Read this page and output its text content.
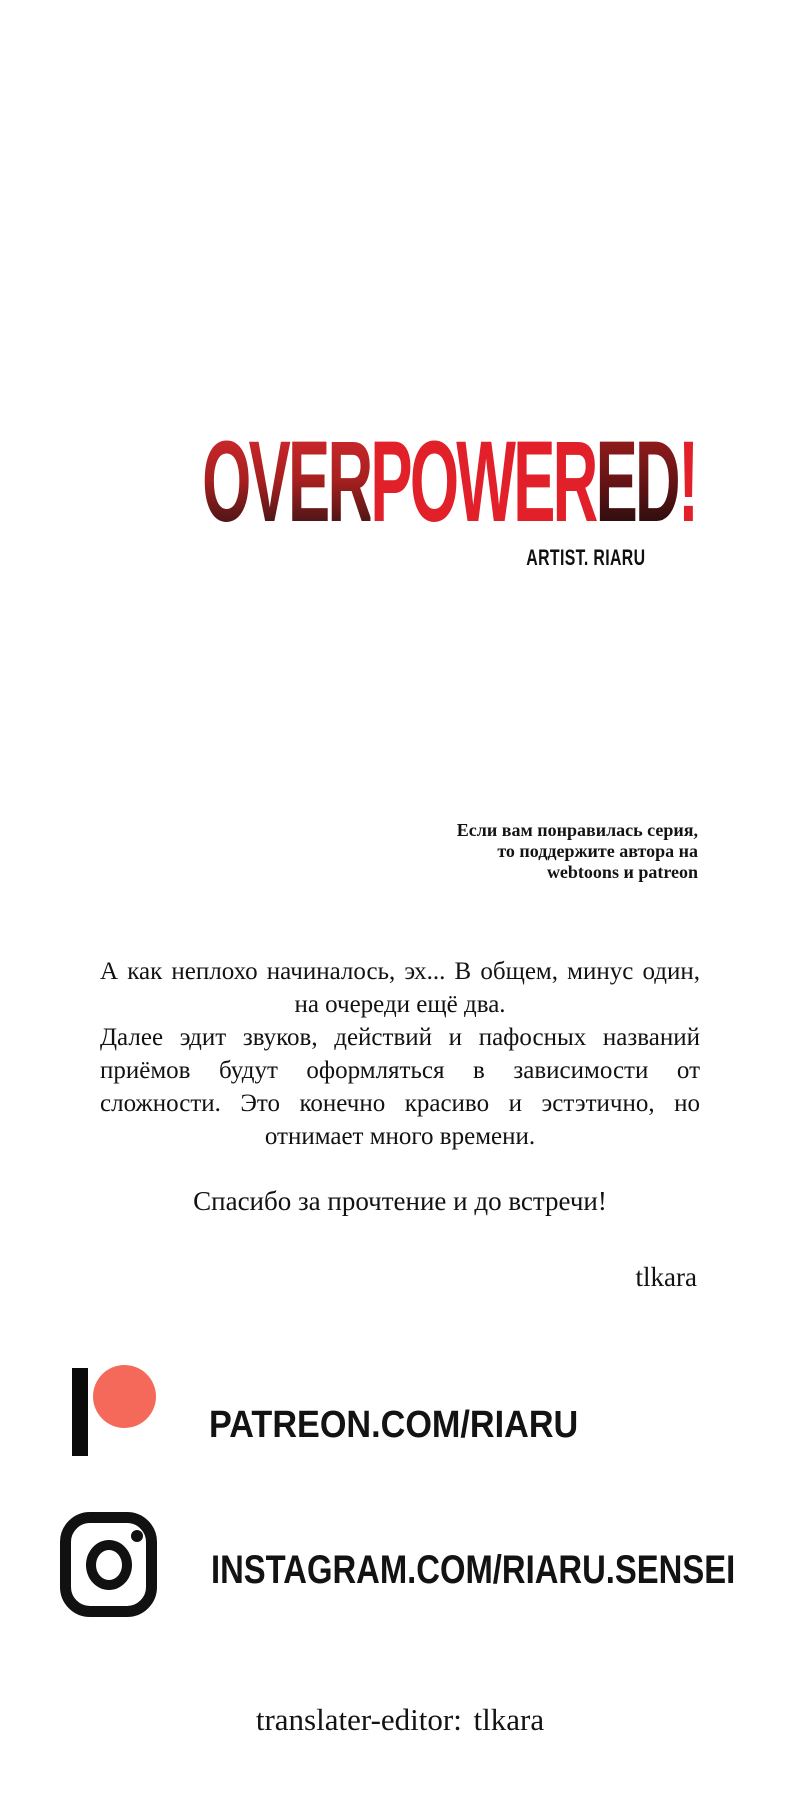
OVERPOWERED!
ARTIST. RIARU
Если вам понравилась серия,
то поддержите автора на
webtoons и patreon

А как неплохо начиналось, эх... В общем, минус один, на очереди ещё два.

Далее эдит звуков, действий и пафосных названий приёмов будут оформляться в зависимости от сложности. Это конечно красиво и эстэтично, но отнимает много времени.

Спасибо за прочтение и до встречи!
tlkara
PATREON.COM/RIARU
INSTAGRAM.COM/RIARU.SENSEI
translater-editor: tlkara
